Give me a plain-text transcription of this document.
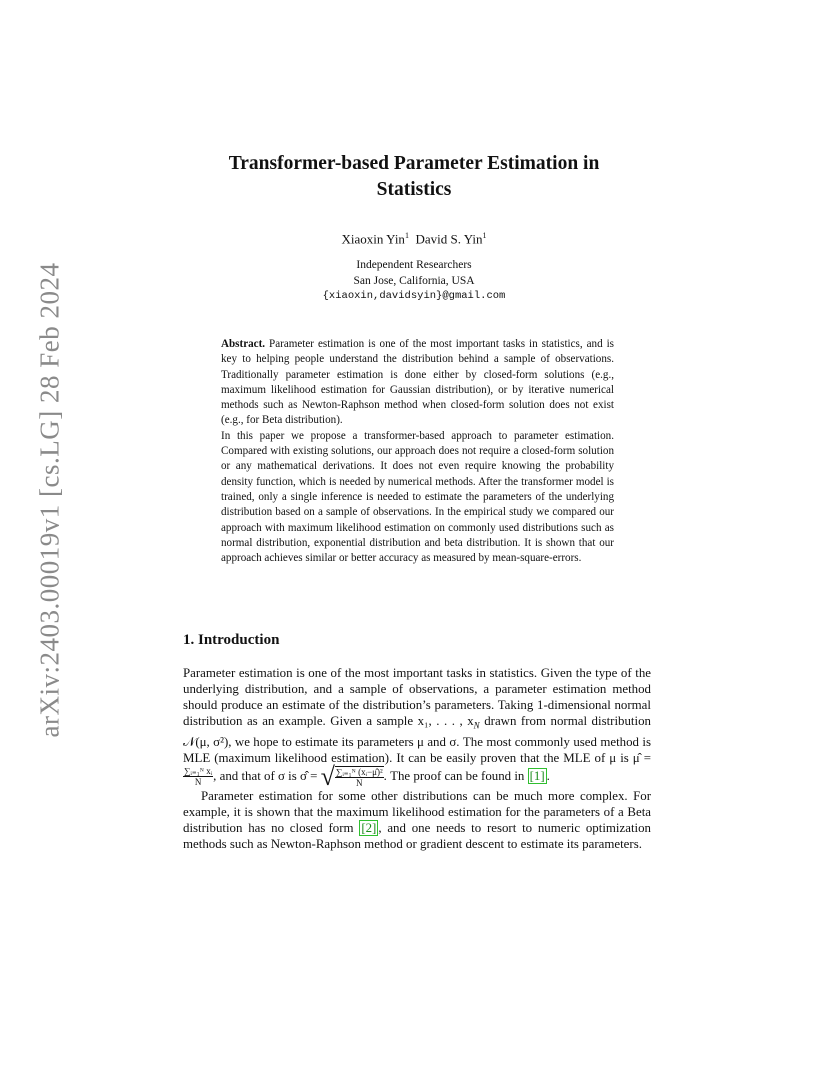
arXiv:2403.00019v1 [cs.LG] 28 Feb 2024
Transformer-based Parameter Estimation in
Statistics
Xiaoxin Yin$^1$ David S. Yin$^1$
Independent Researchers
San Jose, California, USA
{xiaoxin,davidsyin}@gmail.com

Abstract. Parameter estimation is one of the most important tasks in statistics, and is key to helping people understand the distribution behind a sample of observations. Traditionally parameter estimation is done either by closed-form solutions (e.g., maximum likelihood estimation for Gaussian distribution), or by iterative numerical methods such as Newton-Raphson method when closed-form solution does not exist (e.g., for Beta distribution).

In this paper we propose a transformer-based approach to parameter estimation. Compared with existing solutions, our approach does not require a closed-form solution or any mathematical derivations. It does not even require knowing the probability density function, which is needed by numerical methods. After the transformer model is trained, only a single inference is needed to estimate the parameters of the underlying distribution based on a sample of observations. In the empirical study we compared our approach with maximum likelihood estimation on commonly used distributions such as normal distribution, exponential distribution and beta distribution. It is shown that our approach achieves similar or better accuracy as measured by mean-square-errors.

1. Introduction

Parameter estimation is one of the most important tasks in statistics. Given the type of the underlying distribution, and a sample of observations, a parameter estimation method should produce an estimate of the distribution’s parameters. Taking 1-dimensional normal distribution as an example. Given a sample x₁, . . . , $x_N$ drawn from normal distribution 𝒩(μ, σ²), we hope to estimate its parameters μ and σ. The most commonly used method is MLE (maximum likelihood estimation). It can be easily proven that the MLE of μ is μ̂ =
$\frac{\text{∑ᵢ₌₁ᴺ xᵢ}}{N}$ , and that of σ is σ̂ = √ $\frac{\text{∑ᵢ₌₁ᴺ (xᵢ−μ̂)²}}{N}$ . The proof can be found in [1] .

Parameter estimation for some other distributions can be much more complex. For example, it is shown that the maximum likelihood estimation for the parameters of a Beta distribution has no closed form [2] , and one needs to resort to numeric optimization methods such as Newton-Raphson method or gradient descent to estimate its parameters.
